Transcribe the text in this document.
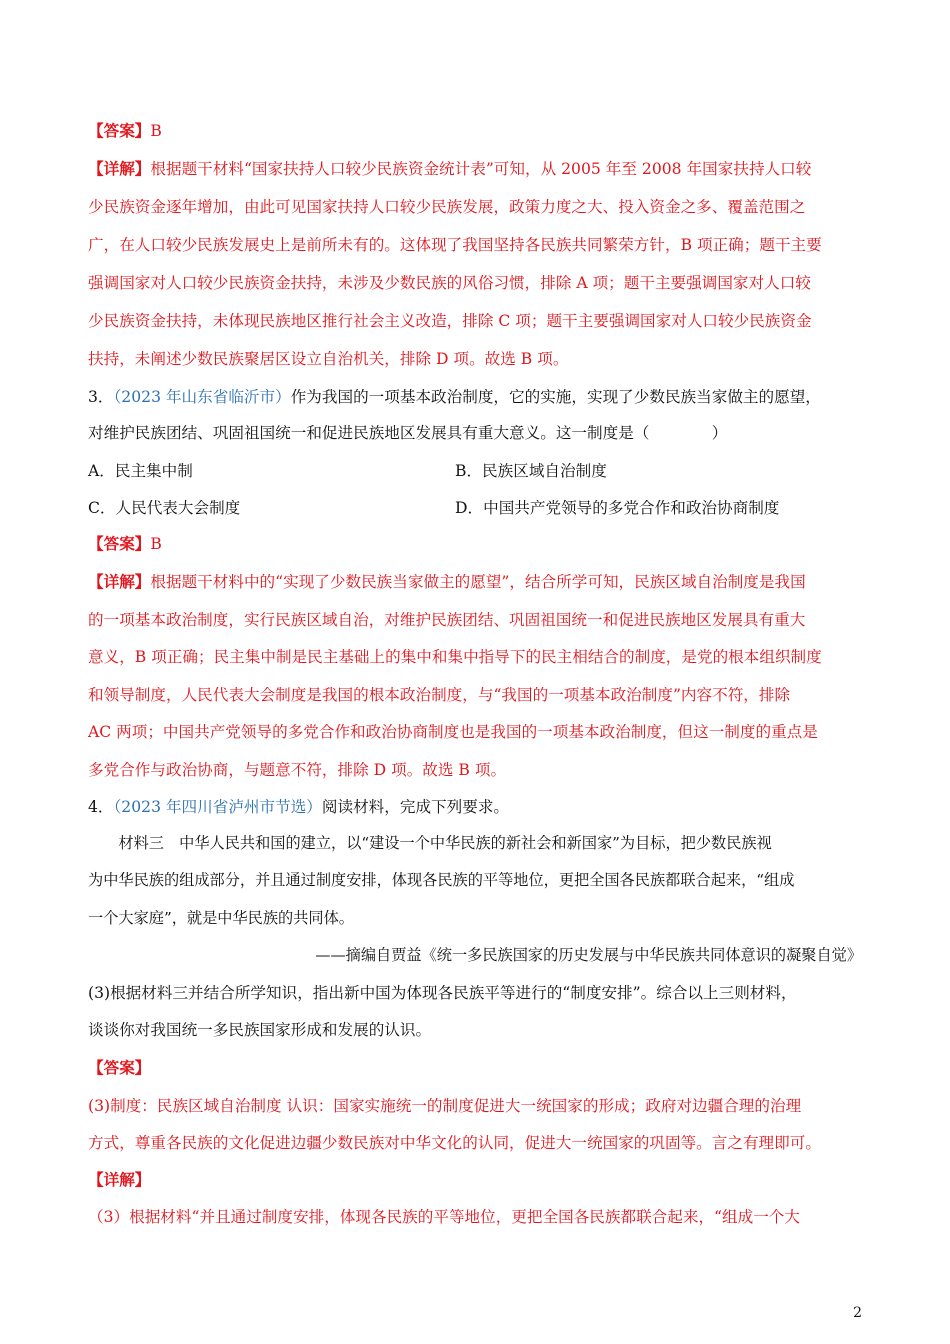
【答案】B
【详解】根据题干材料“国家扶持人口较少民族资金统计表”可知，从 2005 年至 2008 年国家扶持人口较
少民族资金逐年增加，由此可见国家扶持人口较少民族发展，政策力度之大、投入资金之多、覆盖范围之
广，在人口较少民族发展史上是前所未有的。这体现了我国坚持各民族共同繁荣方针，B 项正确；题干主要
强调国家对人口较少民族资金扶持，未涉及少数民族的风俗习惯，排除 A 项；题干主要强调国家对人口较
少民族资金扶持，未体现民族地区推行社会主义改造，排除 C 项；题干主要强调国家对人口较少民族资金
扶持，未阐述少数民族聚居区设立自治机关，排除 D 项。故选 B 项。
3．（2023 年山东省临沂市）作为我国的一项基本政治制度，它的实施，实现了少数民族当家做主的愿望，
对维护民族团结、巩固祖国统一和促进民族地区发展具有重大意义。这一制度是（　　　　）
A．民主集中制	B．民族区域自治制度
C．人民代表大会制度	D．中国共产党领导的多党合作和政治协商制度
【答案】B
【详解】根据题干材料中的“实现了少数民族当家做主的愿望”，结合所学可知，民族区域自治制度是我国
的一项基本政治制度，实行民族区域自治，对维护民族团结、巩固祖国统一和促进民族地区发展具有重大
意义，B 项正确；民主集中制是民主基础上的集中和集中指导下的民主相结合的制度，是党的根本组织制度
和领导制度，人民代表大会制度是我国的根本政治制度，与“我国的一项基本政治制度”内容不符，排除
AC 两项；中国共产党领导的多党合作和政治协商制度也是我国的一项基本政治制度，但这一制度的重点是
多党合作与政治协商，与题意不符，排除 D 项。故选 B 项。
4．（2023 年四川省泸州市节选）阅读材料，完成下列要求。
　　材料三　中华人民共和国的建立，以“建设一个中华民族的新社会和新国家”为目标，把少数民族视
为中华民族的组成部分，并且通过制度安排，体现各民族的平等地位，更把全国各民族都联合起来，“组成
一个大家庭”，就是中华民族的共同体。
——摘编自贾益《统一多民族国家的历史发展与中华民族共同体意识的凝聚自觉》
(3)根据材料三并结合所学知识，指出新中国为体现各民族平等进行的“制度安排”。综合以上三则材料，
谈谈你对我国统一多民族国家形成和发展的认识。
【答案】
(3)制度：民族区域自治制度 认识：国家实施统一的制度促进大一统国家的形成；政府对边疆合理的治理
方式，尊重各民族的文化促进边疆少数民族对中华文化的认同，促进大一统国家的巩固等。言之有理即可。
【详解】
（3）根据材料“并且通过制度安排，体现各民族的平等地位，更把全国各民族都联合起来，“组成一个大
2
